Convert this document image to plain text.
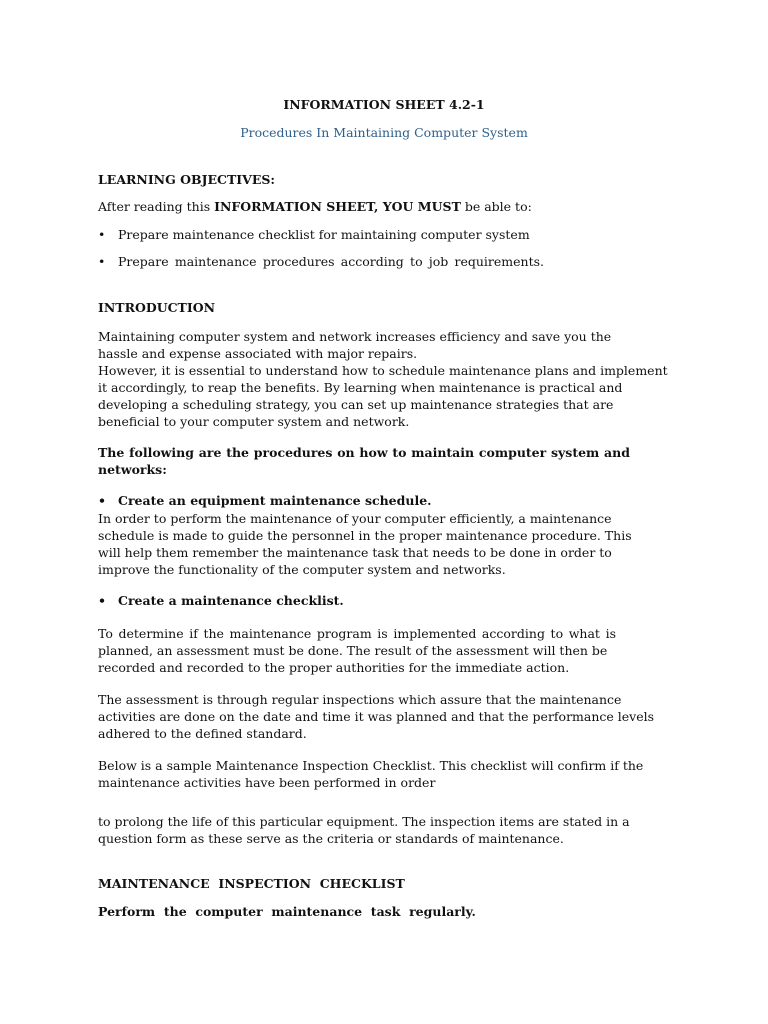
INFORMATION SHEET 4.2-1
Procedures In Maintaining Computer System
LEARNING OBJECTIVES:
After reading this INFORMATION SHEET, YOU MUST be able to:
• Prepare maintenance checklist for maintaining computer system
•	Prepare maintenance procedures according to job requirements.
INTRODUCTION
Maintaining computer system and network increases efficiency and save you the
hassle and expense associated with major repairs.
However, it is essential to understand how to schedule maintenance plans and implement
it accordingly, to reap the benefits. By learning when maintenance is practical and
developing a scheduling strategy, you can set up maintenance strategies that are
beneficial to your computer system and network.
The following are the procedures on how to maintain computer system and
networks:
• Create an equipment maintenance schedule.
In order to perform the maintenance of your computer efficiently, a maintenance
schedule is made to guide the personnel in the proper maintenance procedure. This
will help them remember the maintenance task that needs to be done in order to
improve the functionality of the computer system and networks.
• Create a maintenance checklist.
To determine if the maintenance program is implemented according to what is
planned, an assessment must be done. The result of the assessment will then be
recorded and recorded to the proper authorities for the immediate action.
The assessment is through regular inspections which assure that the maintenance
activities are done on the date and time it was planned and that the performance levels
adhered to the defined standard.
Below is a sample Maintenance Inspection Checklist. This checklist will confirm if the
maintenance activities have been performed in order
to prolong the life of this particular equipment. The inspection items are stated in a
question form as these serve as the criteria or standards of maintenance.
MAINTENANCE  INSPECTION  CHECKLIST
Perform  the  computer  maintenance  task  regularly.
